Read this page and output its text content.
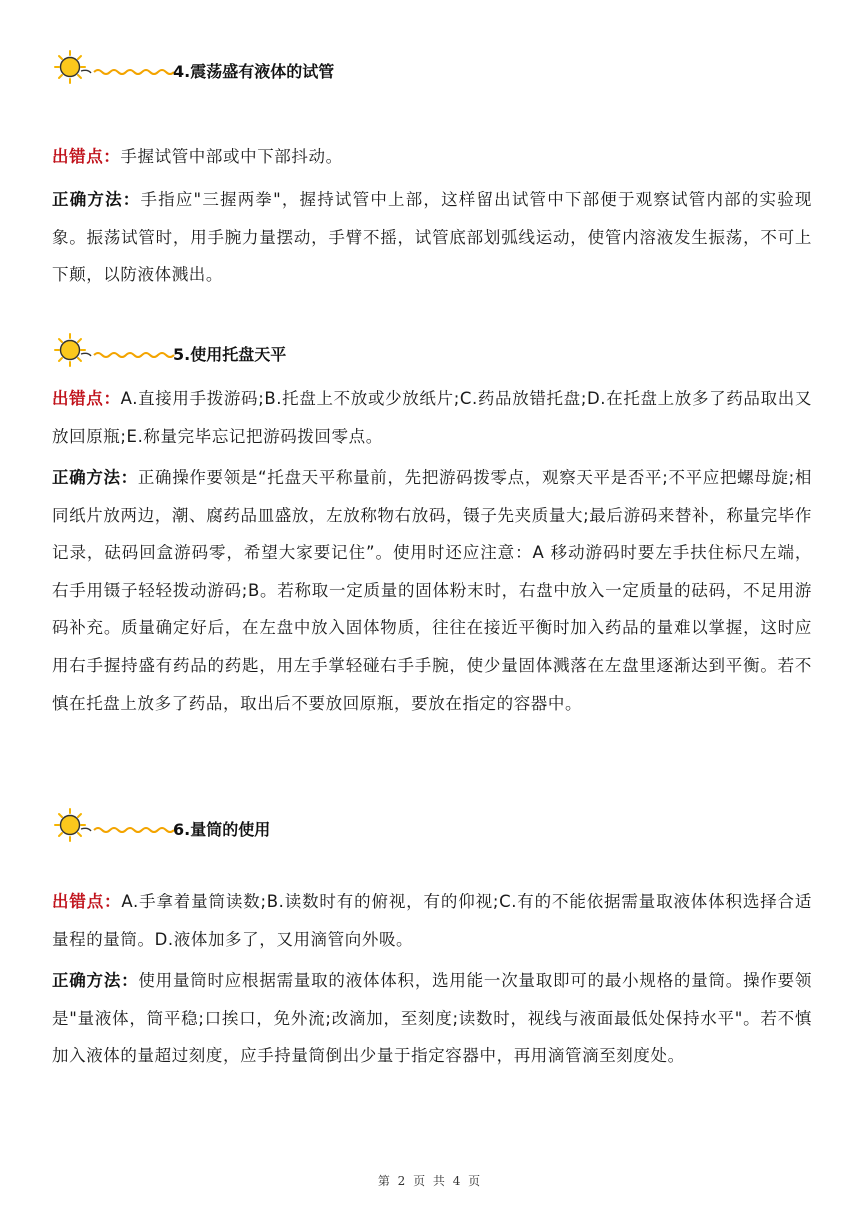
4.震荡盛有液体的试管

出错点：手握试管中部或中下部抖动。

正确方法：手指应"三握两拳"，握持试管中上部，这样留出试管中下部便于观察试管内部的实验现象。振荡试管时，用手腕力量摆动，手臂不摇，试管底部划弧线运动，使管内溶液发生振荡，不可上下颠，以防液体溅出。

5.使用托盘天平

出错点：A.直接用手拨游码;B.托盘上不放或少放纸片;C.药品放错托盘;D.在托盘上放多了药品取出又放回原瓶;E.称量完毕忘记把游码拨回零点。

正确方法：正确操作要领是“托盘天平称量前，先把游码拨零点，观察天平是否平;不平应把螺母旋;相同纸片放两边，潮、腐药品皿盛放，左放称物右放码，镊子先夹质量大;最后游码来替补，称量完毕作记录，砝码回盒游码零，希望大家要记住”。使用时还应注意：A 移动游码时要左手扶住标尺左端，右手用镊子轻轻拨动游码;B。若称取一定质量的固体粉末时，右盘中放入一定质量的砝码，不足用游码补充。质量确定好后，在左盘中放入固体物质，往往在接近平衡时加入药品的量难以掌握，这时应用右手握持盛有药品的药匙，用左手掌轻碰右手手腕，使少量固体溅落在左盘里逐渐达到平衡。若不慎在托盘上放多了药品，取出后不要放回原瓶，要放在指定的容器中。

6.量筒的使用

出错点：A.手拿着量筒读数;B.读数时有的俯视，有的仰视;C.有的不能依据需量取液体体积选择合适量程的量筒。D.液体加多了，又用滴管向外吸。

正确方法：使用量筒时应根据需量取的液体体积，选用能一次量取即可的最小规格的量筒。操作要领是"量液体，筒平稳;口挨口，免外流;改滴加，至刻度;读数时，视线与液面最低处保持水平"。若不慎加入液体的量超过刻度，应手持量筒倒出少量于指定容器中，再用滴管滴至刻度处。

第 2 页 共 4 页
